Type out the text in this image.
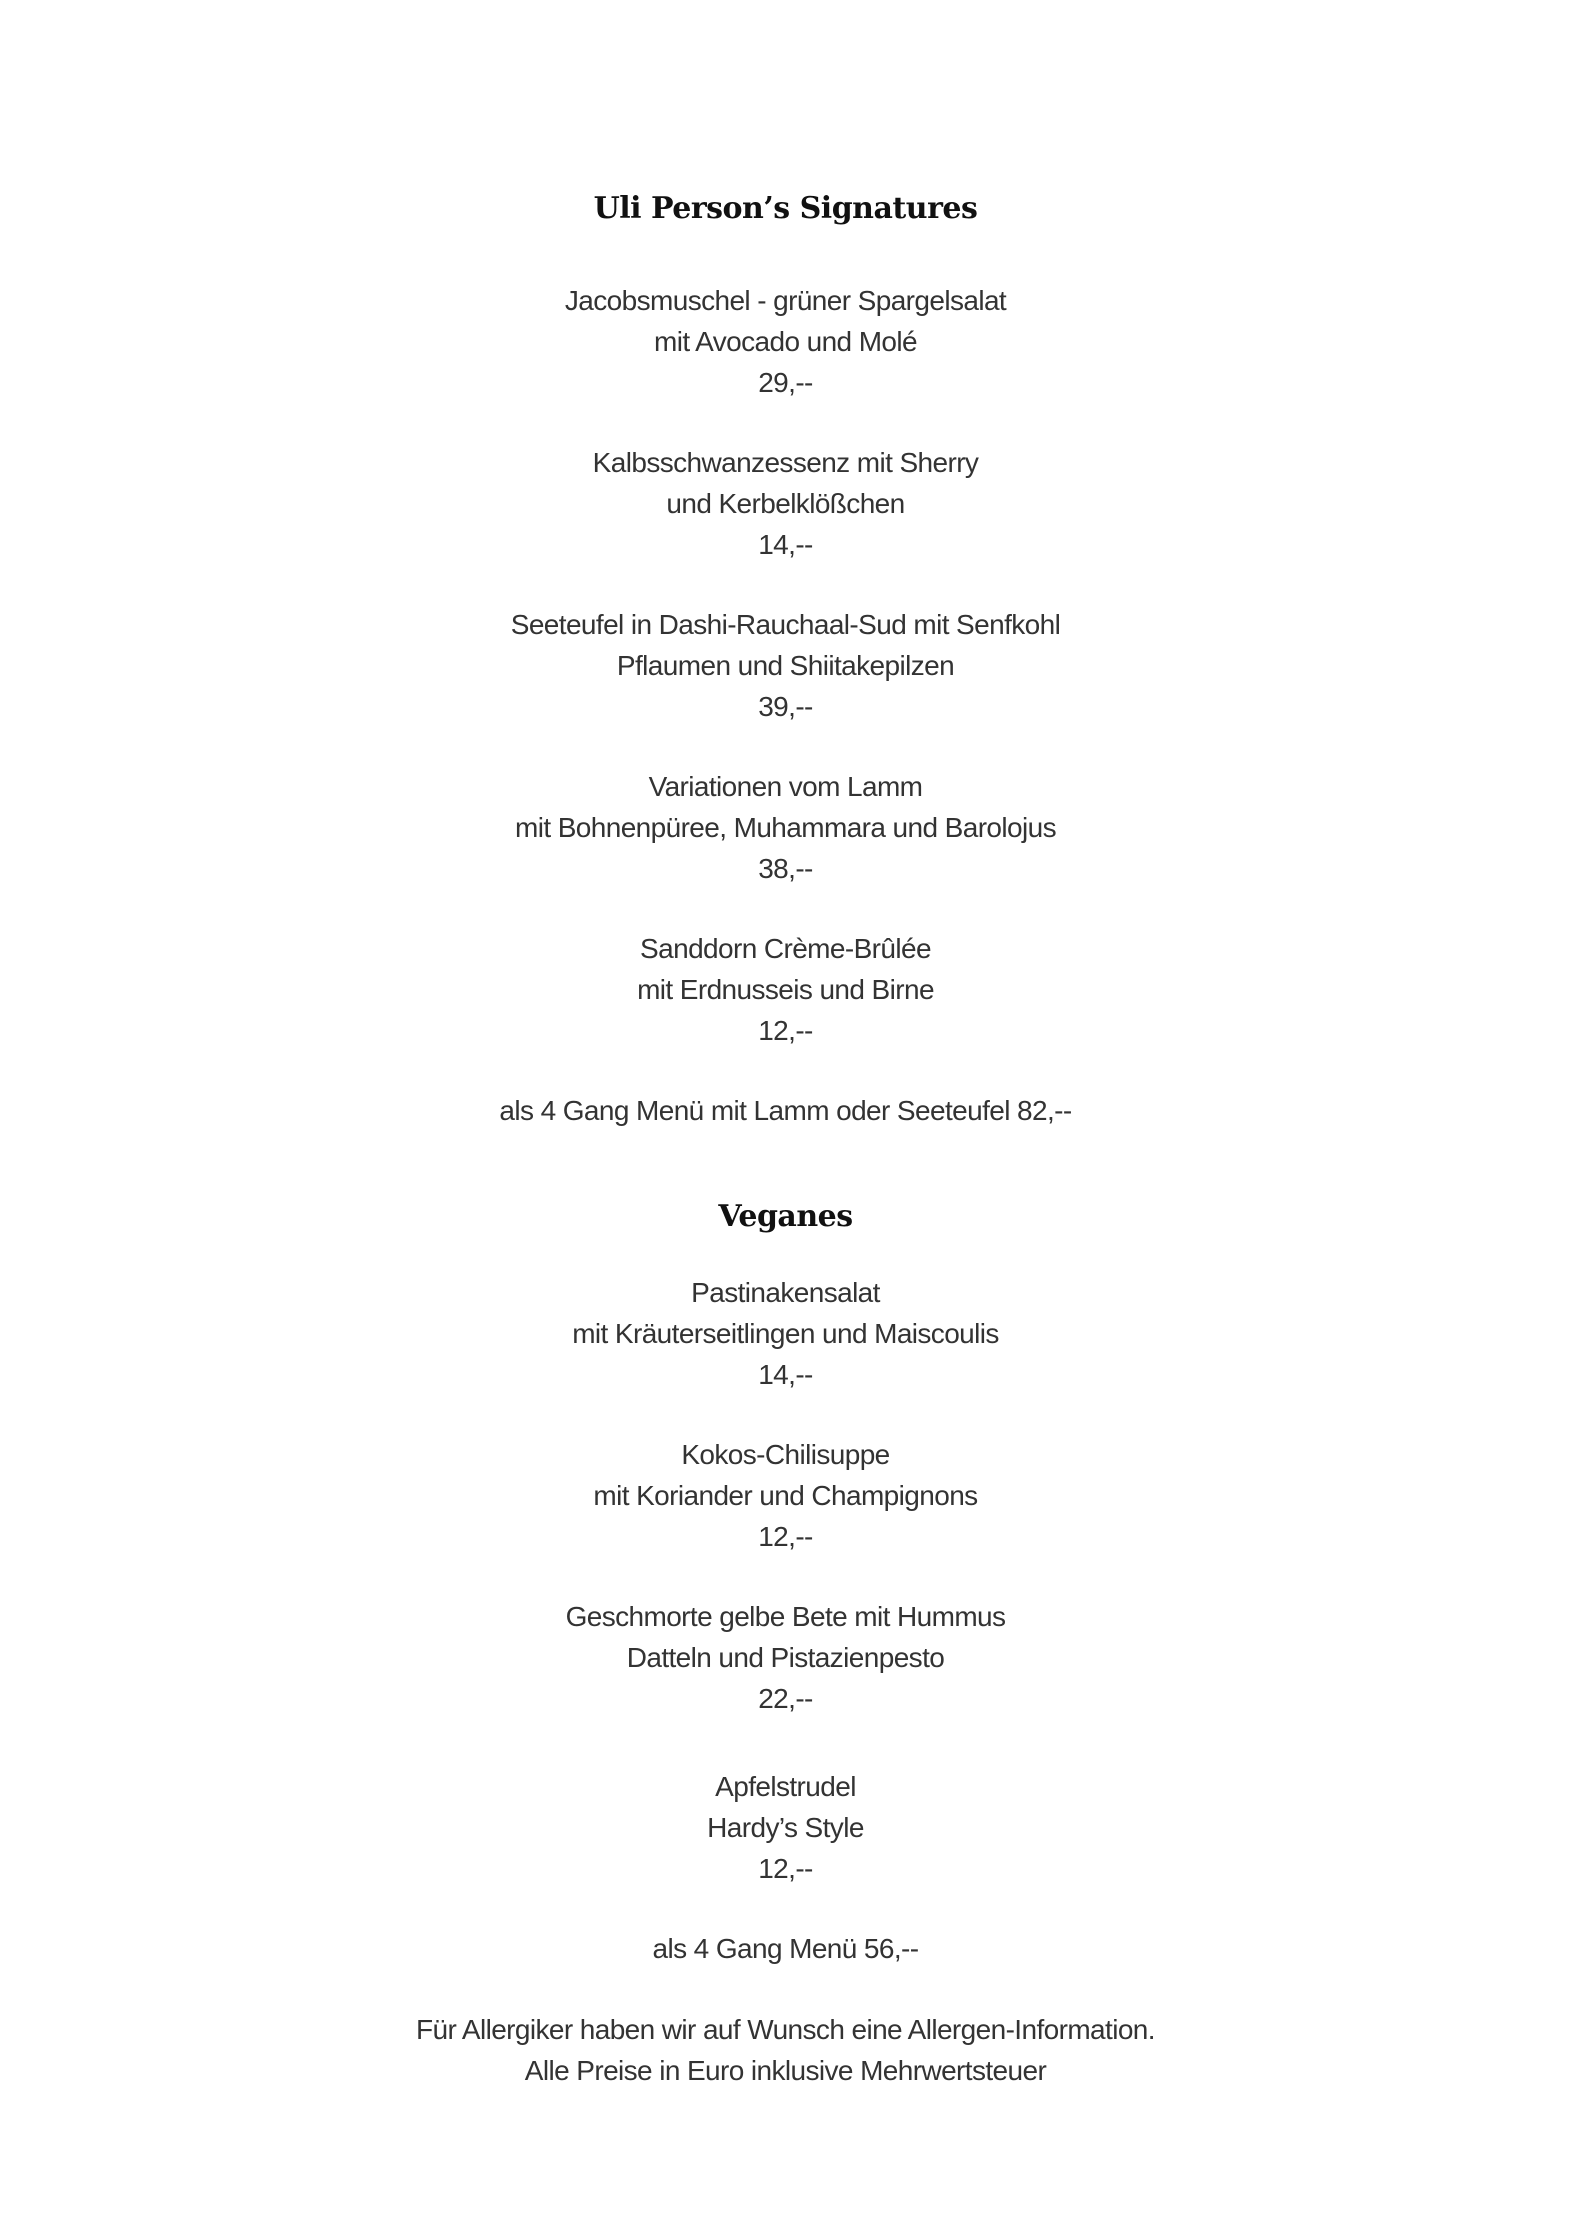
Uli Person’s Signatures
Jacobsmuschel - grüner Spargelsalat
mit Avocado und Molé
29,--
Kalbsschwanzessenz mit Sherry
und Kerbelklößchen
14,--
Seeteufel in Dashi-Rauchaal-Sud mit Senfkohl
Pflaumen und Shiitakepilzen
39,--
Variationen vom Lamm
mit Bohnenpüree, Muhammara und Barolojus
38,--
Sanddorn Crème-Brûlée
mit Erdnusseis und Birne
12,--
als 4 Gang Menü mit Lamm oder Seeteufel 82,--
Veganes
Pastinakensalat
mit Kräuterseitlingen und Maiscoulis
14,--
Kokos-Chilisuppe
mit Koriander und Champignons
12,--
Geschmorte gelbe Bete mit Hummus
Datteln und Pistazienpesto
22,--
Apfelstrudel
Hardy’s Style
12,--
als 4 Gang Menü 56,--
Für Allergiker haben wir auf Wunsch eine Allergen-Information.
Alle Preise in Euro inklusive Mehrwertsteuer
